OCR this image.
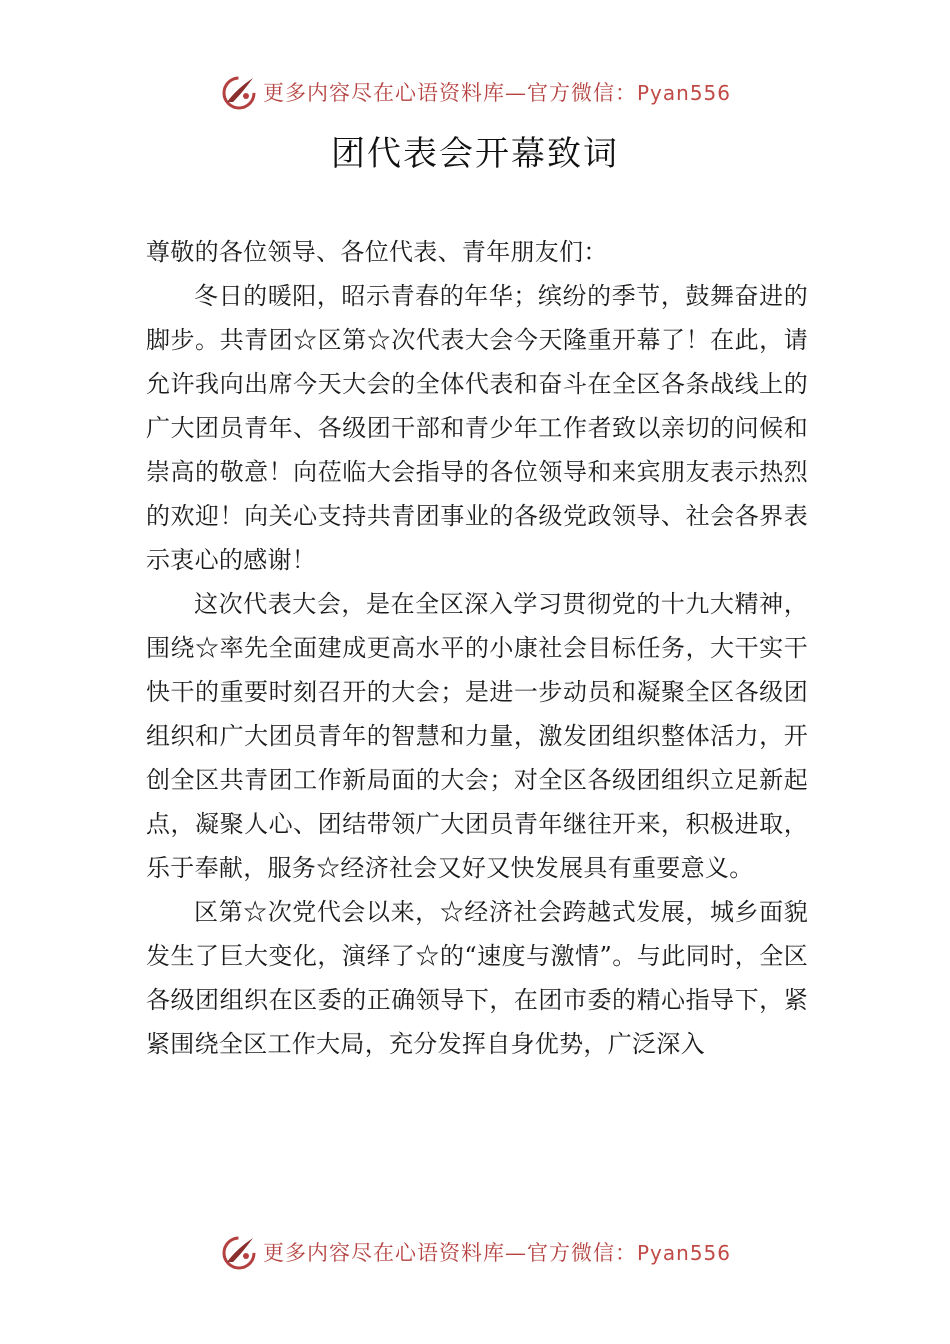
更多内容尽在心语资料库—官方微信：Pyan556
团代表会开幕致词

尊敬的各位领导、各位代表、青年朋友们：

冬日的暖阳，昭示青春的年华；缤纷的季节，鼓舞奋进的脚步。共青团☆区第☆次代表大会今天隆重开幕了！在此，请允许我向出席今天大会的全体代表和奋斗在全区各条战线上的广大团员青年、各级团干部和青少年工作者致以亲切的问候和崇高的敬意！向莅临大会指导的各位领导和来宾朋友表示热烈的欢迎！向关心支持共青团事业的各级党政领导、社会各界表示衷心的感谢！

这次代表大会，是在全区深入学习贯彻党的十九大精神，围绕☆率先全面建成更高水平的小康社会目标任务，大干实干快干的重要时刻召开的大会；是进一步动员和凝聚全区各级团组织和广大团员青年的智慧和力量，激发团组织整体活力，开创全区共青团工作新局面的大会；对全区各级团组织立足新起点，凝聚人心、团结带领广大团员青年继往开来，积极进取，乐于奉献，服务☆经济社会又好又快发展具有重要意义。

区第☆次党代会以来，☆经济社会跨越式发展，城乡面貌发生了巨大变化，演绎了☆的“速度与激情”。与此同时，全区各级团组织在区委的正确领导下，在团市委的精心指导下，紧紧围绕全区工作大局，充分发挥自身优势，广泛深入

更多内容尽在心语资料库—官方微信：Pyan556
